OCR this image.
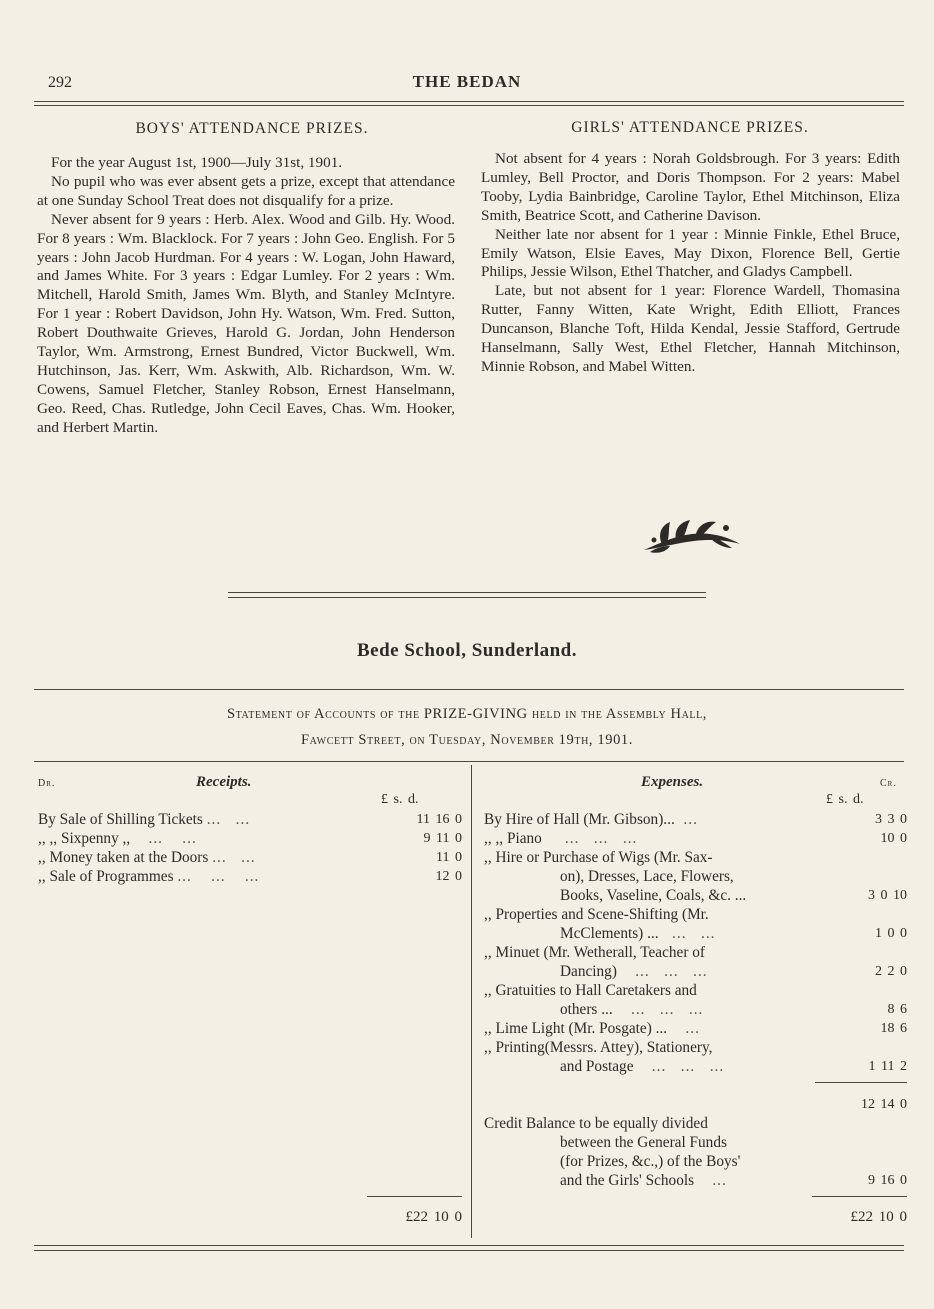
292	THE BEDAN
BOYS' ATTENDANCE PRIZES.

For the year August 1st, 1900—July 31st, 1901.

No pupil who was ever absent gets a prize, except that attendance at one Sunday School Treat does not disqualify for a prize.

Never absent for 9 years : Herb. Alex. Wood and Gilb. Hy. Wood. For 8 years : Wm. Blacklock. For 7 years : John Geo. English. For 5 years : John Jacob Hurdman. For 4 years : W. Logan, John Haward, and James White. For 3 years : Edgar Lumley. For 2 years : Wm. Mitchell, Harold Smith, James Wm. Blyth, and Stanley McIntyre. For 1 year : Robert Davidson, John Hy. Watson, Wm. Fred. Sutton, Robert Douthwaite Grieves, Harold G. Jordan, John Henderson Taylor, Wm. Armstrong, Ernest Bundred, Victor Buckwell, Wm. Hutchinson, Jas. Kerr, Wm. Askwith, Alb. Richardson, Wm. W. Cowens, Samuel Fletcher, Stanley Robson, Ernest Hanselmann, Geo. Reed, Chas. Rutledge, John Cecil Eaves, Chas. Wm. Hooker, and Herbert Martin.

GIRLS' ATTENDANCE PRIZES.

Not absent for 4 years : Norah Goldsbrough. For 3 years: Edith Lumley, Bell Proctor, and Doris Thompson. For 2 years: Mabel Tooby, Lydia Bainbridge, Caroline Taylor, Ethel Mitchinson, Eliza Smith, Beatrice Scott, and Catherine Davison.

Neither late nor absent for 1 year : Minnie Finkle, Ethel Bruce, Emily Watson, Elsie Eaves, May Dixon, Florence Bell, Gertie Philips, Jessie Wilson, Ethel Thatcher, and Gladys Campbell.

Late, but not absent for 1 year: Florence Wardell, Thomasina Rutter, Fanny Witten, Kate Wright, Edith Elliott, Frances Duncanson, Blanche Toft, Hilda Kendal, Jessie Stafford, Gertrude Hanselmann, Sally West, Ethel Fletcher, Hannah Mitchinson, Minnie Robson, and Mabel Witten.

Bede School, Sunderland.
Statement of Accounts of the PRIZE-GIVING held in the Assembly Hall,
Fawcett Street, on Tuesday, November 19th, 1901.
Dr.	Receipts.
£ s. d.
By Sale of Shilling Tickets ...   ...	11 16 0
,, ,, Sixpenny ,,    ...    ...	9 11 0
,, Money taken at the Doors ...   ...	11 0
,, Sale of Programmes ...    ...    ...	12 0
£22 10 0
Expenses.	Cr.
£ s. d.
By Hire of Hall (Mr. Gibson)...  ...	3 3 0
,, ,, Piano     ...   ...   ...	10 0
,, Hire or Purchase of Wigs (Mr. Sax-
on), Dresses, Lace, Flowers,
Books, Vaseline, Coals, &c. ...	3 0 10
,, Properties and Scene-Shifting (Mr.
McClements) ...   ...   ...	1 0 0
,, Minuet (Mr. Wetherall, Teacher of
Dancing)    ...   ...   ...	2 2 0
,, Gratuities to Hall Caretakers and
others ...    ...   ...   ...	8 6
,, Lime Light (Mr. Posgate) ...    ...	18 6
,, Printing(Messrs. Attey), Stationery,
and Postage    ...   ...   ...	1 11 2
12 14 0
Credit Balance to be equally divided
between the General Funds
(for Prizes, &c.,) of the Boys'
and the Girls' Schools    ...	9 16 0
£22 10 0
